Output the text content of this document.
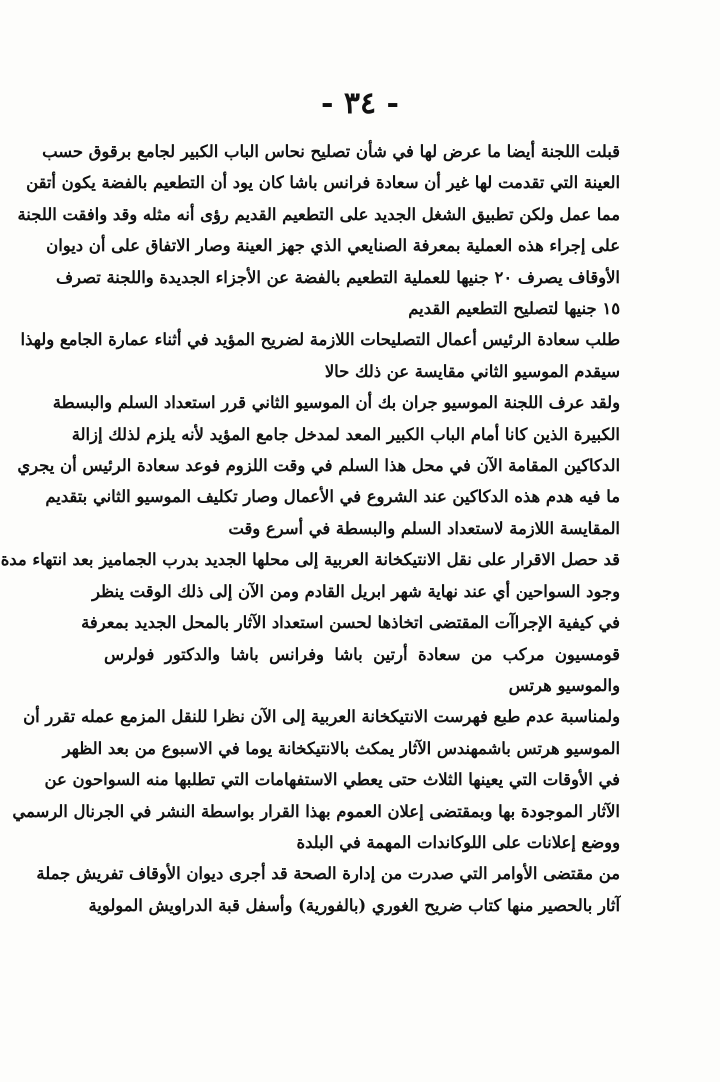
- ٣٤ -
قبلت اللجنة أيضا ما عرض لها في شأن تصليح نحاس الباب الكبير لجامع برقوق حسب
العينة التي تقدمت لها غير أن سعادة فرانس باشا كان يود أن التطعيم بالفضة يكون أتقن
مما عمل ولكن تطبيق الشغل الجديد على التطعيم القديم رؤى أنه مثله وقد وافقت اللجنة
على إجراء هذه العملية بمعرفة الصنايعي الذي جهز العينة وصار الاتفاق على أن ديوان
الأوقاف يصرف ٢٠ جنيها للعملية التطعيم بالفضة عن الأجزاء الجديدة واللجنة تصرف
١٥ جنيها لتصليح التطعيم القديم
طلب سعادة الرئيس أعمال التصليحات اللازمة لضريح المؤيد في أثناء عمارة الجامع ولهذا
سيقدم الموسيو الثاني مقايسة عن ذلك حالا
ولقد عرف اللجنة الموسيو جران بك أن الموسيو الثاني قرر استعداد السلم والبسطة
الكبيرة الذين كانا أمام الباب الكبير المعد لمدخل جامع المؤيد لأنه يلزم لذلك إزالة
الدكاكين المقامة الآن في محل هذا السلم في وقت اللزوم فوعد سعادة الرئيس أن يجري
ما فيه هدم هذه الدكاكين عند الشروع في الأعمال وصار تكليف الموسيو الثاني بتقديم
المقايسة اللازمة لاستعداد السلم والبسطة في أسرع وقت
قد حصل الاقرار على نقل الانتيكخانة العربية إلى محلها الجديد بدرب الجماميز بعد انتهاء مدة
وجود السواحين أي عند نهاية شهر ابريل القادم ومن الآن إلى ذلك الوقت ينظر
في كيفية الإجراآت المقتضى اتخاذها لحسن استعداد الآثار بالمحل الجديد بمعرفة
قومسيون مركب من سعادة أرتين باشا وفرانس باشا والدكتور فولرس
والموسيو هرتس
ولمناسبة عدم طبع فهرست الانتيكخانة العربية إلى الآن نظرا للنقل المزمع عمله تقرر أن
الموسيو هرتس باشمهندس الآثار يمكث بالانتيكخانة يوما في الاسبوع من بعد الظهر
في الأوقات التي يعينها الثلاث حتى يعطي الاستفهامات التي تطلبها منه السواحون عن
الآثار الموجودة بها وبمقتضى إعلان العموم بهذا القرار بواسطة النشر في الجرنال الرسمي
ووضع إعلانات على اللوكاندات المهمة في البلدة
من مقتضى الأوامر التي صدرت من إدارة الصحة قد أجرى ديوان الأوقاف تفريش جملة
آثار بالحصير منها كتاب ضريح الغوري (بالفورية) وأسفل قبة الدراويش المولوية
